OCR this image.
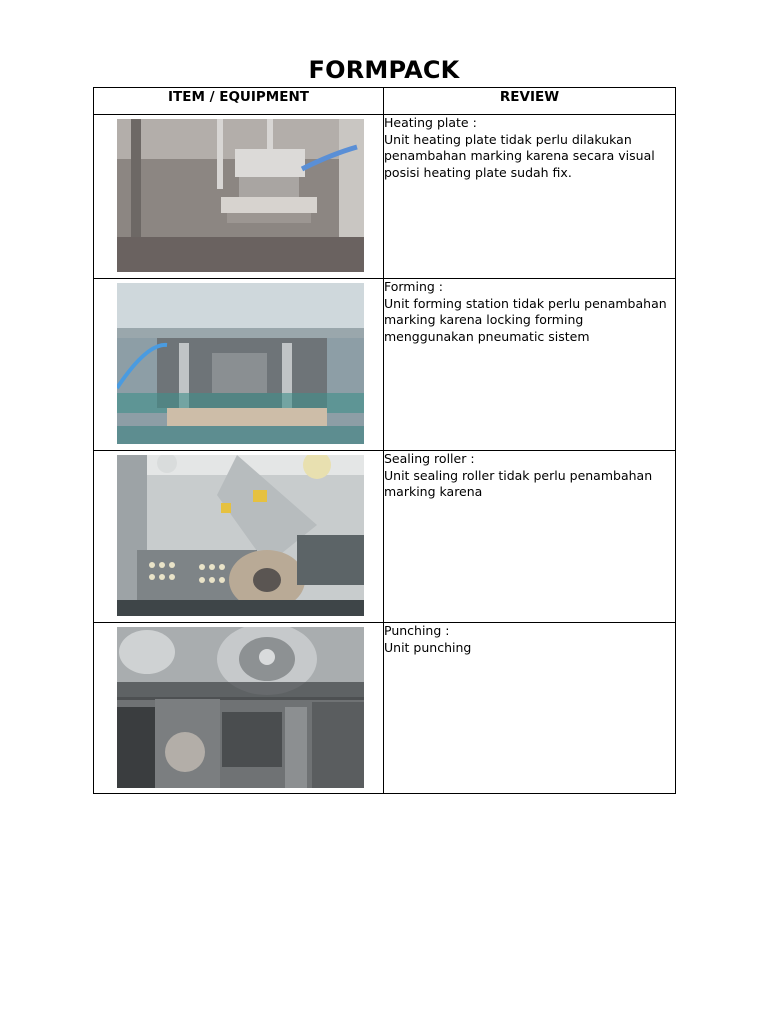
FORMPACK
ITEM / EQUIPMENT	REVIEW

Heating plate :
Unit heating plate tidak perlu dilakukan penambahan marking karena secara visual posisi heating plate sudah fix.

Forming :
Unit forming station tidak perlu penambahan marking karena locking forming menggunakan pneumatic sistem

Sealing roller :
Unit sealing roller tidak perlu penambahan marking karena

Punching :
Unit punching
